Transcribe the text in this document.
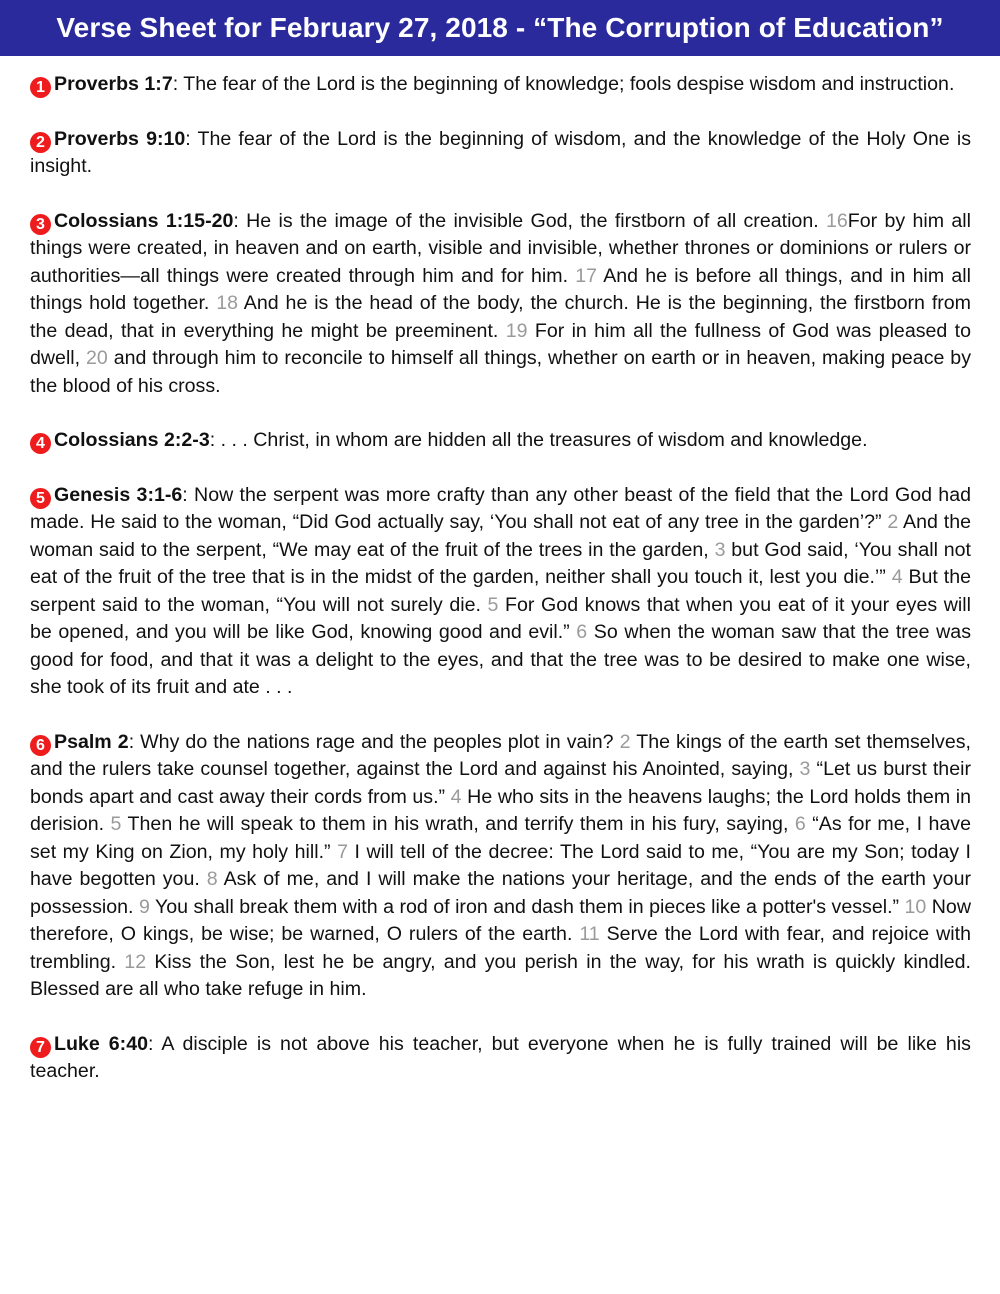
Verse Sheet for February 27, 2018 - “The Corruption of Education”
1 Proverbs 1:7: The fear of the Lord is the beginning of knowledge; fools despise wisdom and instruction.
2 Proverbs 9:10: The fear of the Lord is the beginning of wisdom, and the knowledge of the Holy One is insight.
3 Colossians 1:15-20: He is the image of the invisible God, the firstborn of all creation. 16For by him all things were created, in heaven and on earth, visible and invisible, whether thrones or dominions or rulers or authorities—all things were created through him and for him. 17 And he is before all things, and in him all things hold together. 18 And he is the head of the body, the church. He is the beginning, the firstborn from the dead, that in everything he might be preeminent. 19 For in him all the fullness of God was pleased to dwell, 20 and through him to reconcile to himself all things, whether on earth or in heaven, making peace by the blood of his cross.
4 Colossians 2:2-3: . . . Christ, in whom are hidden all the treasures of wisdom and knowledge.
5 Genesis 3:1-6: Now the serpent was more crafty than any other beast of the field that the Lord God had made. He said to the woman, “Did God actually say, ‘You shall not eat of any tree in the garden’?” 2 And the woman said to the serpent, “We may eat of the fruit of the trees in the garden, 3 but God said, ‘You shall not eat of the fruit of the tree that is in the midst of the garden, neither shall you touch it, lest you die.’” 4 But the serpent said to the woman, “You will not surely die. 5 For God knows that when you eat of it your eyes will be opened, and you will be like God, knowing good and evil.” 6 So when the woman saw that the tree was good for food, and that it was a delight to the eyes, and that the tree was to be desired to make one wise, she took of its fruit and ate . . .
6 Psalm 2: Why do the nations rage and the peoples plot in vain? 2 The kings of the earth set themselves, and the rulers take counsel together, against the Lord and against his Anointed, saying, 3 “Let us burst their bonds apart and cast away their cords from us.” 4 He who sits in the heavens laughs; the Lord holds them in derision. 5 Then he will speak to them in his wrath, and terrify them in his fury, saying, 6 “As for me, I have set my King on Zion, my holy hill.” 7 I will tell of the decree: The Lord said to me, “You are my Son; today I have begotten you. 8 Ask of me, and I will make the nations your heritage, and the ends of the earth your possession. 9 You shall break them with a rod of iron and dash them in pieces like a potter's vessel.” 10 Now therefore, O kings, be wise; be warned, O rulers of the earth. 11 Serve the Lord with fear, and rejoice with trembling. 12 Kiss the Son, lest he be angry, and you perish in the way, for his wrath is quickly kindled. Blessed are all who take refuge in him.
7 Luke 6:40: A disciple is not above his teacher, but everyone when he is fully trained will be like his teacher.
